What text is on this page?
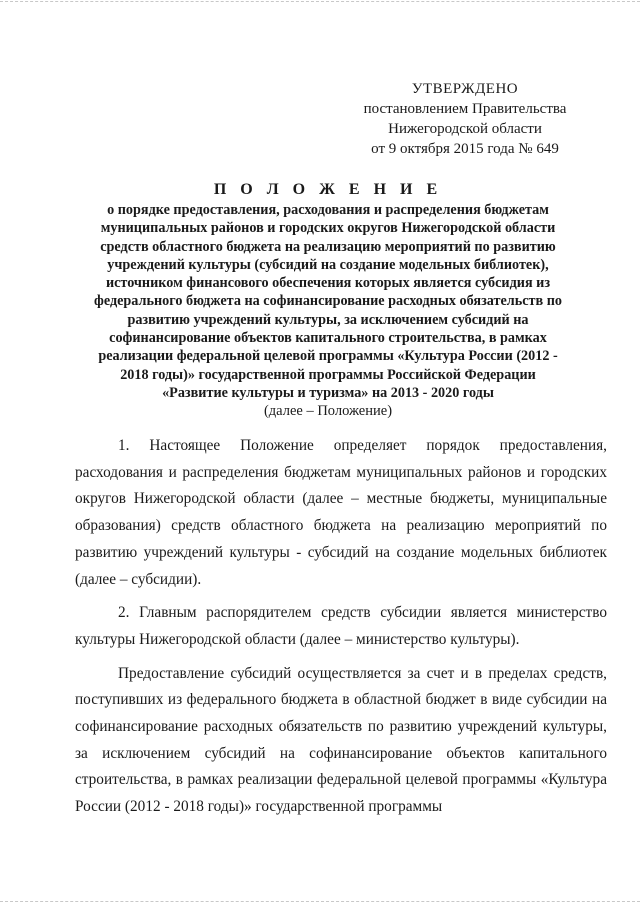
УТВЕРЖДЕНО
постановлением Правительства
Нижегородской области
от 9 октября 2015 года № 649
П О Л О Ж Е Н И Е
о порядке предоставления, расходования и распределения бюджетам
муниципальных районов и городских округов Нижегородской области
средств областного бюджета на реализацию мероприятий по развитию
учреждений культуры (субсидий на создание модельных библиотек),
источником финансового обеспечения которых является субсидия из
федерального бюджета на софинансирование расходных обязательств по
развитию учреждений культуры, за исключением субсидий на
софинансирование объектов капитального строительства, в рамках
реализации федеральной целевой программы «Культура России (2012 -
2018 годы)» государственной программы Российской Федерации
«Развитие культуры и туризма» на 2013 - 2020 годы
(далее – Положение)

1. Настоящее Положение определяет порядок предоставления, расходования и распределения бюджетам муниципальных районов и городских округов Нижегородской области (далее – местные бюджеты, муниципальные образования) средств областного бюджета на реализацию мероприятий по развитию учреждений культуры - субсидий на создание модельных библиотек (далее – субсидии).

2. Главным распорядителем средств субсидии является министерство культуры Нижегородской области (далее – министерство культуры).

Предоставление субсидий осуществляется за счет и в пределах средств, поступивших из федерального бюджета в областной бюджет в виде субсидии на софинансирование расходных обязательств по развитию учреждений культуры, за исключением субсидий на софинансирование объектов капитального строительства, в рамках реализации федеральной целевой программы «Культура России (2012 - 2018 годы)» государственной программы
